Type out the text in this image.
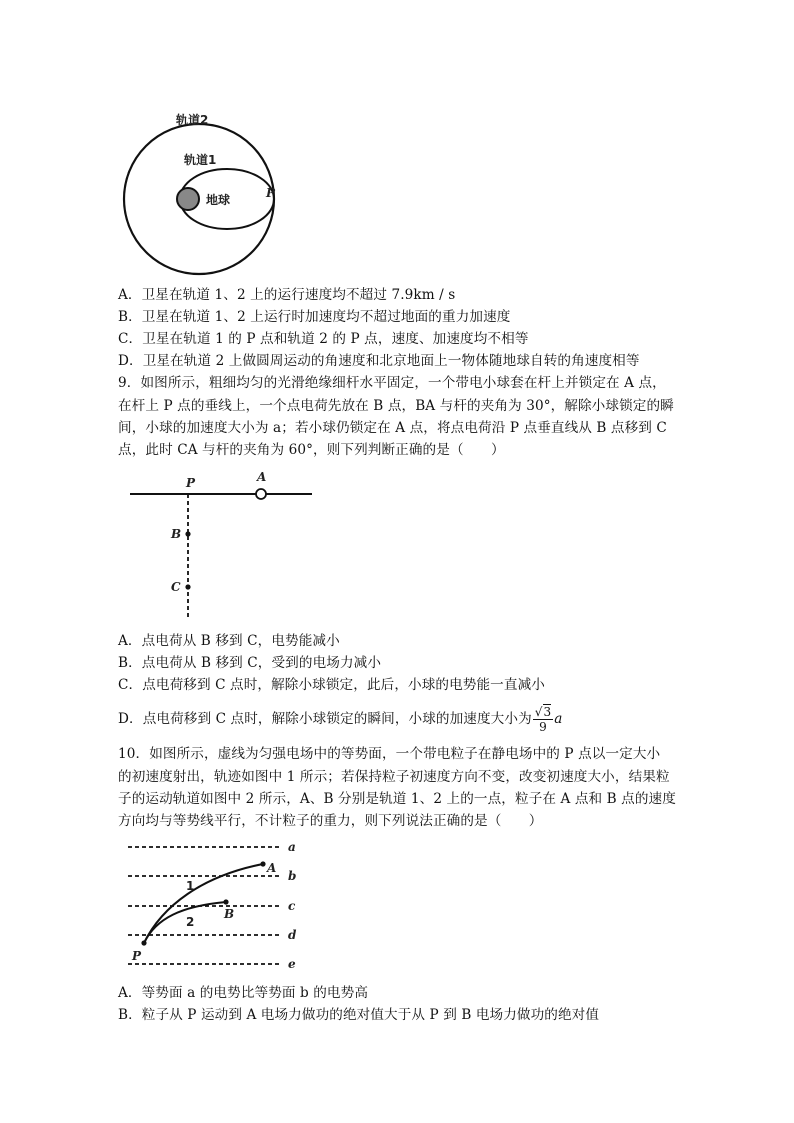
轨道2
轨道1
地球	P
A．卫星在轨道 1、2 上的运行速度均不超过 7.9km / s
B．卫星在轨道 1、2 上运行时加速度均不超过地面的重力加速度
C．卫星在轨道 1 的 P 点和轨道 2 的 P 点，速度、加速度均不相等
D．卫星在轨道 2 上做圆周运动的角速度和北京地面上一物体随地球自转的角速度相等
9．如图所示，粗细均匀的光滑绝缘细杆水平固定，一个带电小球套在杆上并锁定在 A 点，
在杆上 P 点的垂线上，一个点电荷先放在 B 点，BA 与杆的夹角为 30°，解除小球锁定的瞬
间，小球的加速度大小为 a；若小球仍锁定在 A 点，将点电荷沿 P 点垂直线从 B 点移到 C
点，此时 CA 与杆的夹角为 60°，则下列判断正确的是（　　）
P	A
B
C
A．点电荷从 B 移到 C，电势能减小
B．点电荷从 B 移到 C，受到的电场力减小
C．点电荷移到 C 点时，解除小球锁定，此后，小球的电势能一直减小
D．点电荷移到 C 点时，解除小球锁定的瞬间，小球的加速度大小为 $\frac{√3}{9}$ a
10．如图所示，虚线为匀强电场中的等势面，一个带电粒子在静电场中的 P 点以一定大小
的初速度射出，轨迹如图中 1 所示；若保持粒子初速度方向不变，改变初速度大小，结果粒
子的运动轨道如图中 2 所示，A、B 分别是轨道 1、2 上的一点，粒子在 A 点和 B 点的速度
方向均与等势线平行，不计粒子的重力，则下列说法正确的是（　　）
a
b
c
d
e
P
A
B
1
2
A．等势面 a 的电势比等势面 b 的电势高
B．粒子从 P 运动到 A 电场力做功的绝对值大于从 P 到 B 电场力做功的绝对值
